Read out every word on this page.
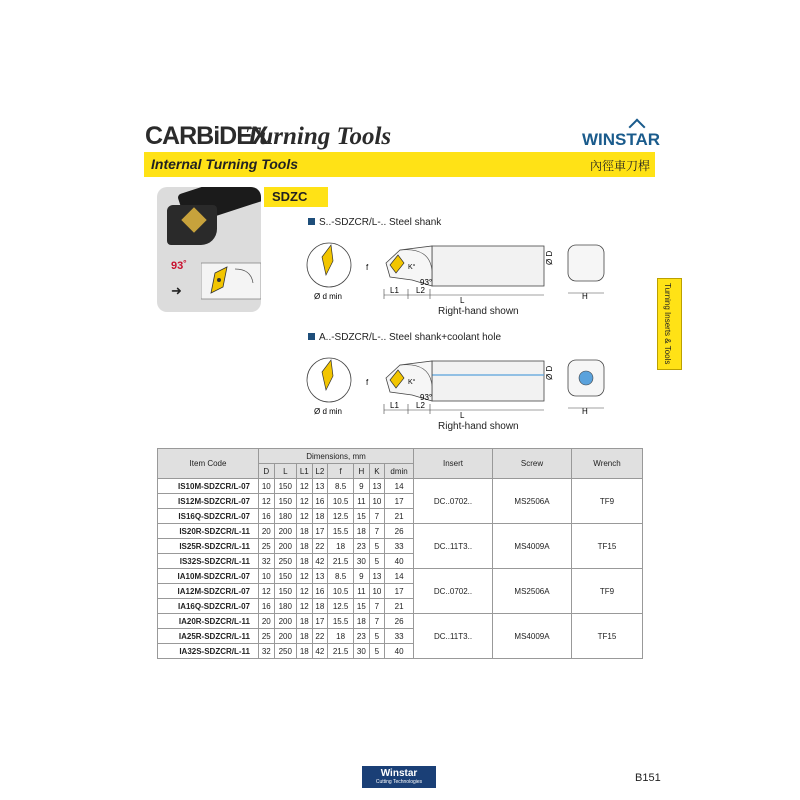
CARBiDEX
Turning Tools	WINSTAR
Internal Turning Tools	內徑車刀桿
93˚
➜
SDZC
S..-SDZCR/L-.. Steel shank
Ø d min
f	K°
93°
L1 L2
L
Ø D
H
Right-hand shown
A..-SDZCR/L-.. Steel shank+coolant hole
Ø d min
f	K°
93°
L1 L2
L
Ø D
H
Right-hand shown
Turning Inserts & Tools
Item Code	Dimensions, mm								Insert	Screw	Wrench
	D	L	L1	L2	f	H	K	dmin			
IS10M-SDZCR/L-07	10	150	12	13	8.5	9	13	14	DC..0702..	MS2506A	TF9
IS12M-SDZCR/L-07	12	150	12	16	10.5	11	10	17			
IS16Q-SDZCR/L-07	16	180	12	18	12.5	15	7	21			
IS20R-SDZCR/L-11	20	200	18	17	15.5	18	7	26	DC..11T3..	MS4009A	TF15
IS25R-SDZCR/L-11	25	200	18	22	18	23	5	33			
IS32S-SDZCR/L-11	32	250	18	42	21.5	30	5	40			
IA10M-SDZCR/L-07	10	150	12	13	8.5	9	13	14	DC..0702..	MS2506A	TF9
IA12M-SDZCR/L-07	12	150	12	16	10.5	11	10	17			
IA16Q-SDZCR/L-07	16	180	12	18	12.5	15	7	21			
IA20R-SDZCR/L-11	20	200	18	17	15.5	18	7	26	DC..11T3..	MS4009A	TF15
IA25R-SDZCR/L-11	25	200	18	22	18	23	5	33			
IA32S-SDZCR/L-11	32	250	18	42	21.5	30	5	40			
Winstar
Cutting Technologies	B151
